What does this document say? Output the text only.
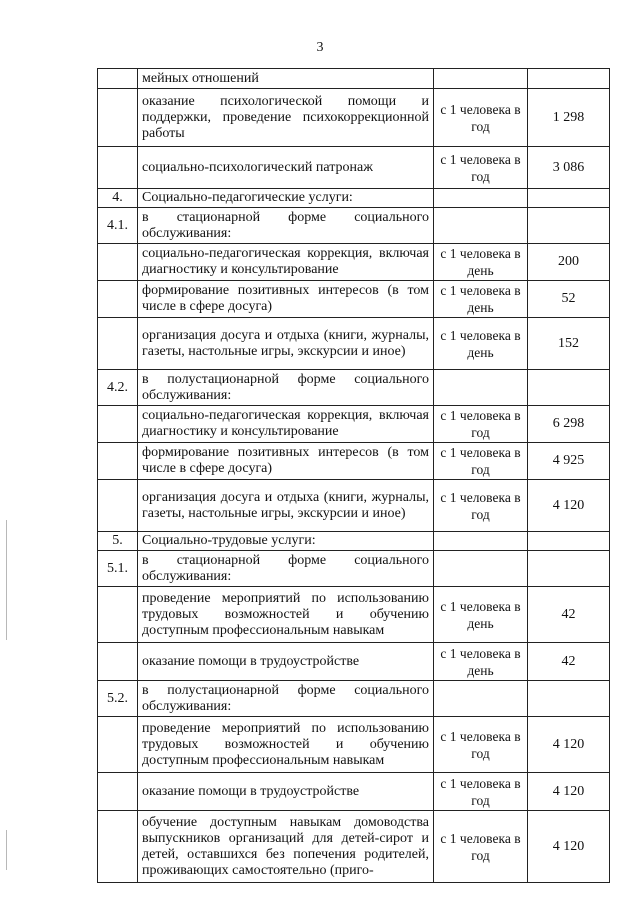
3
	мейных отношений		
	оказание психологической помощи и поддержки, проведение психокоррекционной работы	с 1 человека в год	1 298
	социально-психологический патронаж	с 1 человека в год	3 086
4.	Социально-педагогические услуги:		
4.1.	в стационарной форме социального обслуживания:		
	социально-педагогическая коррекция, включая диагностику и консультирование	с 1 человека в день	200
	формирование позитивных интересов (в том числе в сфере досуга)	с 1 человека в день	52
	организация досуга и отдыха (книги, журналы, газеты, настольные игры, экскурсии и иное)	с 1 человека в день	152
4.2.	в полустационарной форме социального обслуживания:		
	социально-педагогическая коррекция, включая диагностику и консультирование	с 1 человека в год	6 298
	формирование позитивных интересов (в том числе в сфере досуга)	с 1 человека в год	4 925
	организация досуга и отдыха (книги, журналы, газеты, настольные игры, экскурсии и иное)	с 1 человека в год	4 120
5.	Социально-трудовые услуги:		
5.1.	в стационарной форме социального обслуживания:		
	проведение мероприятий по использованию трудовых возможностей и обучению доступным профессиональным навыкам	с 1 человека в день	42
	оказание помощи в трудоустройстве	с 1 человека в день	42
5.2.	в полустационарной форме социального обслуживания:		
	проведение мероприятий по использованию трудовых возможностей и обучению доступным профессиональным навыкам	с 1 человека в год	4 120
	оказание помощи в трудоустройстве	с 1 человека в год	4 120
	обучение доступным навыкам домоводства выпускников организаций для детей-сирот и детей, оставшихся без попечения родителей, проживающих самостоятельно (приго-	с 1 человека в год	4 120
